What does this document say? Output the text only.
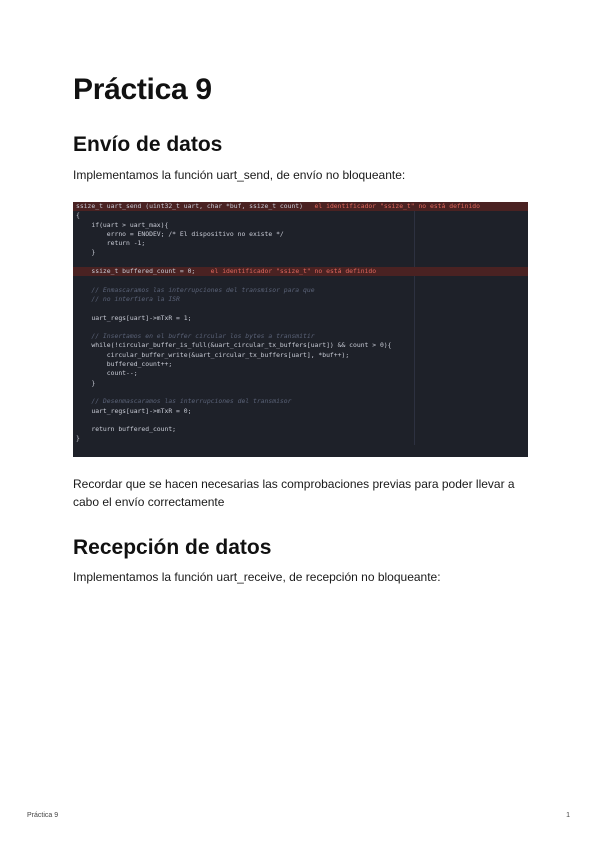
Práctica 9
Envío de datos
Implementamos la función uart_send, de envío no bloqueante:
ssize_t uart_send (uint32_t uart, char *buf, ssize_t count)   el identificador "ssize_t" no está definido
{
if(uart > uart_max){
errno = ENODEV; /* El dispositivo no existe */
return -1;
}
ssize_t buffered_count = 0;    el identificador "ssize_t" no está definido
// Enmascaramos las interrupciones del transmisor para que
// no interfiera la ISR
uart_regs[uart]->mTxR = 1;
// Insertamos en el buffer circular los bytes a transmitir
while(!circular_buffer_is_full(&uart_circular_tx_buffers[uart]) && count > 0){
circular_buffer_write(&uart_circular_tx_buffers[uart], *buf++);
buffered_count++;
count--;
}
// Desenmascaramos las interrupciones del transmisor
uart_regs[uart]->mTxR = 0;
return buffered_count;
}
Recordar que se hacen necesarias las comprobaciones previas para poder llevar a cabo el envío correctamente
Recepción de datos
Implementamos la función uart_receive, de recepción no bloqueante:
Práctica 9	1
